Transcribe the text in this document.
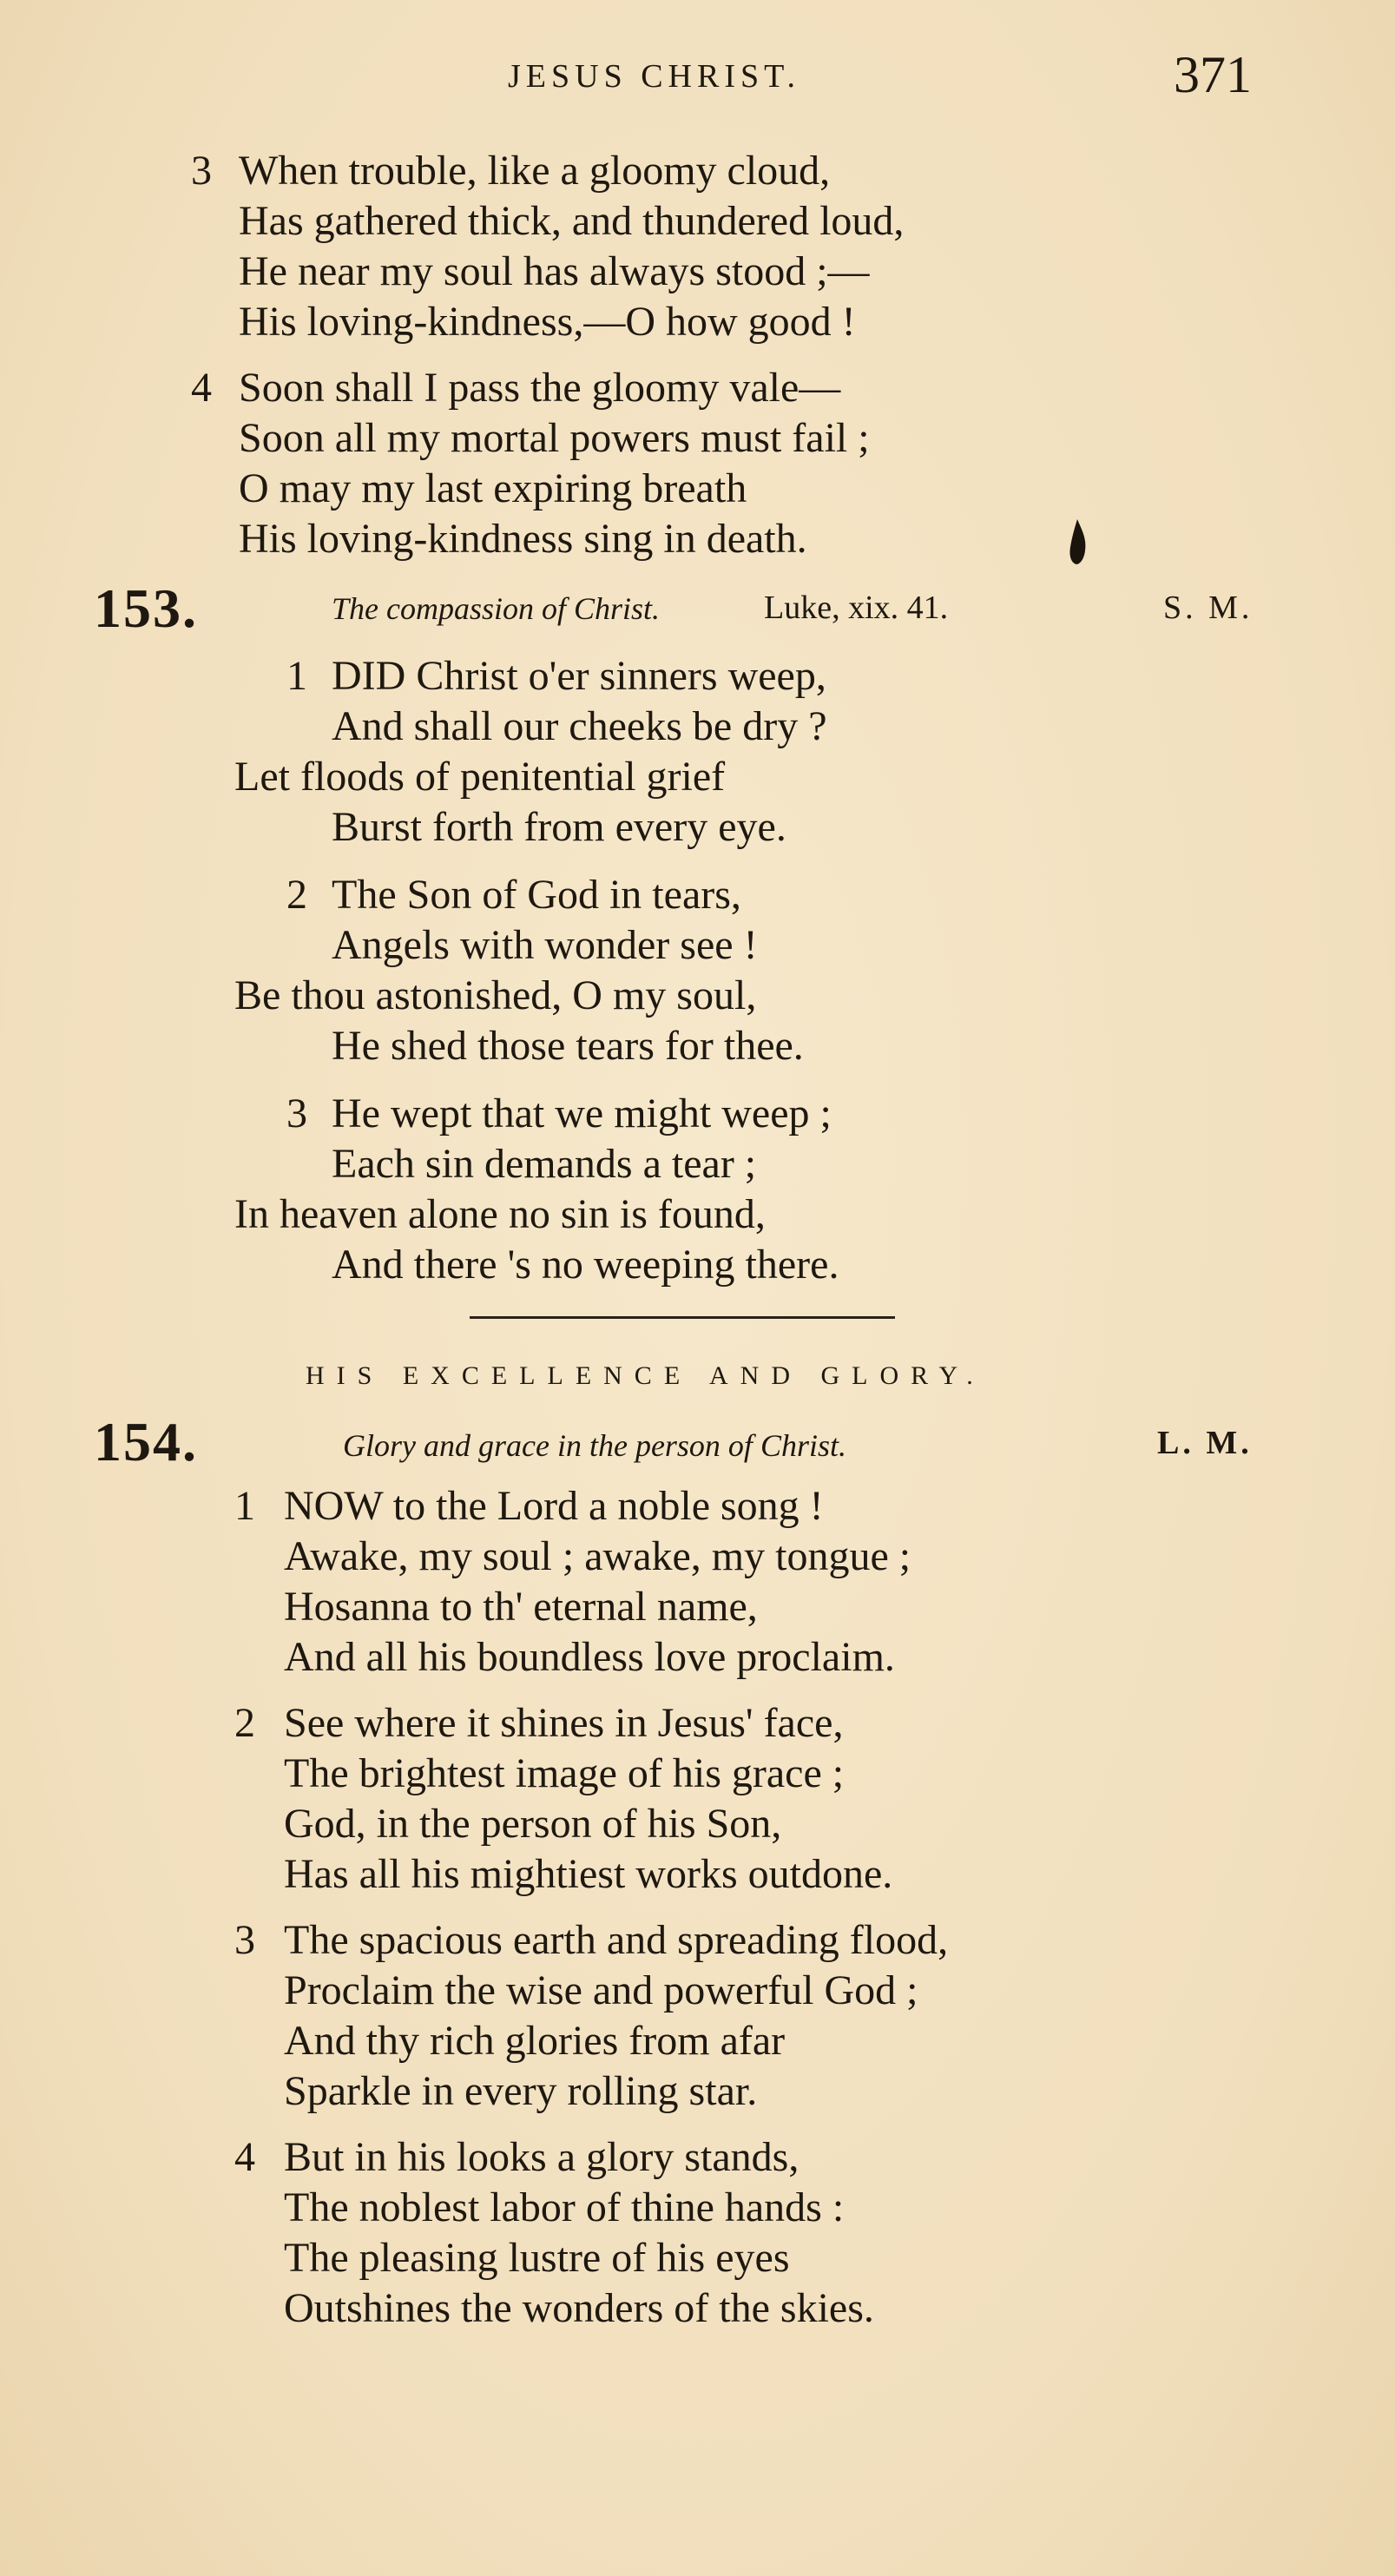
JESUS CHRIST.	371
3 When trouble, like a gloomy cloud,
Has gathered thick, and thundered loud,
He near my soul has always stood ;—
His loving-kindness,—O how good !
4 Soon shall I pass the gloomy vale—
Soon all my mortal powers must fail ;
O may my last expiring breath
His loving-kindness sing in death.
153.	The compassion of Christ.	Luke, xix. 41.	S. M.
1 DID Christ o'er sinners weep,
And shall our cheeks be dry ?
Let floods of penitential grief
Burst forth from every eye.
2 The Son of God in tears,
Angels with wonder see !
Be thou astonished, O my soul,
He shed those tears for thee.
3 He wept that we might weep ;
Each sin demands a tear ;
In heaven alone no sin is found,
And there 's no weeping there.
HIS EXCELLENCE AND GLORY.
154.	Glory and grace in the person of Christ.	L. M.
1 NOW to the Lord a noble song !
Awake, my soul ; awake, my tongue ;
Hosanna to th' eternal name,
And all his boundless love proclaim.
2 See where it shines in Jesus' face,
The brightest image of his grace ;
God, in the person of his Son,
Has all his mightiest works outdone.
3 The spacious earth and spreading flood,
Proclaim the wise and powerful God ;
And thy rich glories from afar
Sparkle in every rolling star.
4 But in his looks a glory stands,
The noblest labor of thine hands :
The pleasing lustre of his eyes
Outshines the wonders of the skies.
